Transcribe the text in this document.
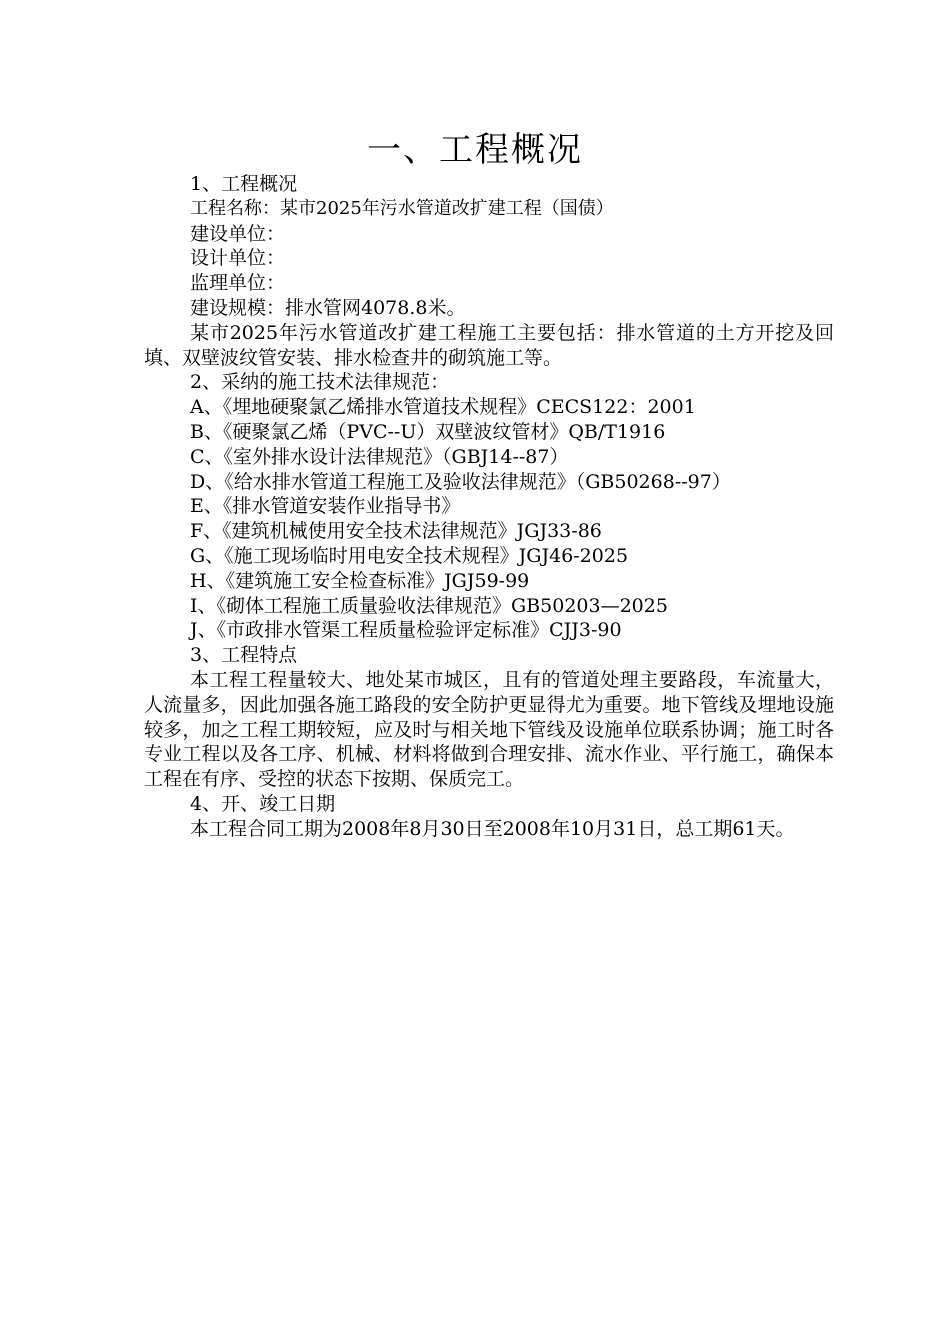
一、工程概况
1、工程概况
工程名称：某市2025年污水管道改扩建工程（国债）
建设单位：
设计单位：
监理单位：
建设规模：排水管网4078.8米。
某市2025年污水管道改扩建工程施工主要包括：排水管道的土方开挖及回填、双壁波纹管安装、排水检查井的砌筑施工等。
2、采纳的施工技术法律规范：
A、《埋地硬聚氯乙烯排水管道技术规程》CECS122：2001
B、《硬聚氯乙烯（PVC--U）双壁波纹管材》QB/T1916
C、《室外排水设计法律规范》（GBJ14--87）
D、《给水排水管道工程施工及验收法律规范》（GB50268--97）
E、《排水管道安装作业指导书》
F、《建筑机械使用安全技术法律规范》JGJ33-86
G、《施工现场临时用电安全技术规程》JGJ46-2025
H、《建筑施工安全检查标准》JGJ59-99
I、《砌体工程施工质量验收法律规范》GB50203—2025
J、《市政排水管渠工程质量检验评定标准》CJJ3-90
3、工程特点
本工程工程量较大、地处某市城区，且有的管道处理主要路段，车流量大，人流量多，因此加强各施工路段的安全防护更显得尤为重要。地下管线及埋地设施较多，加之工程工期较短，应及时与相关地下管线及设施单位联系协调；施工时各专业工程以及各工序、机械、材料将做到合理安排、流水作业、平行施工，确保本工程在有序、受控的状态下按期、保质完工。
4、开、竣工日期
本工程合同工期为2008年8月30日至2008年10月31日，总工期61天。
